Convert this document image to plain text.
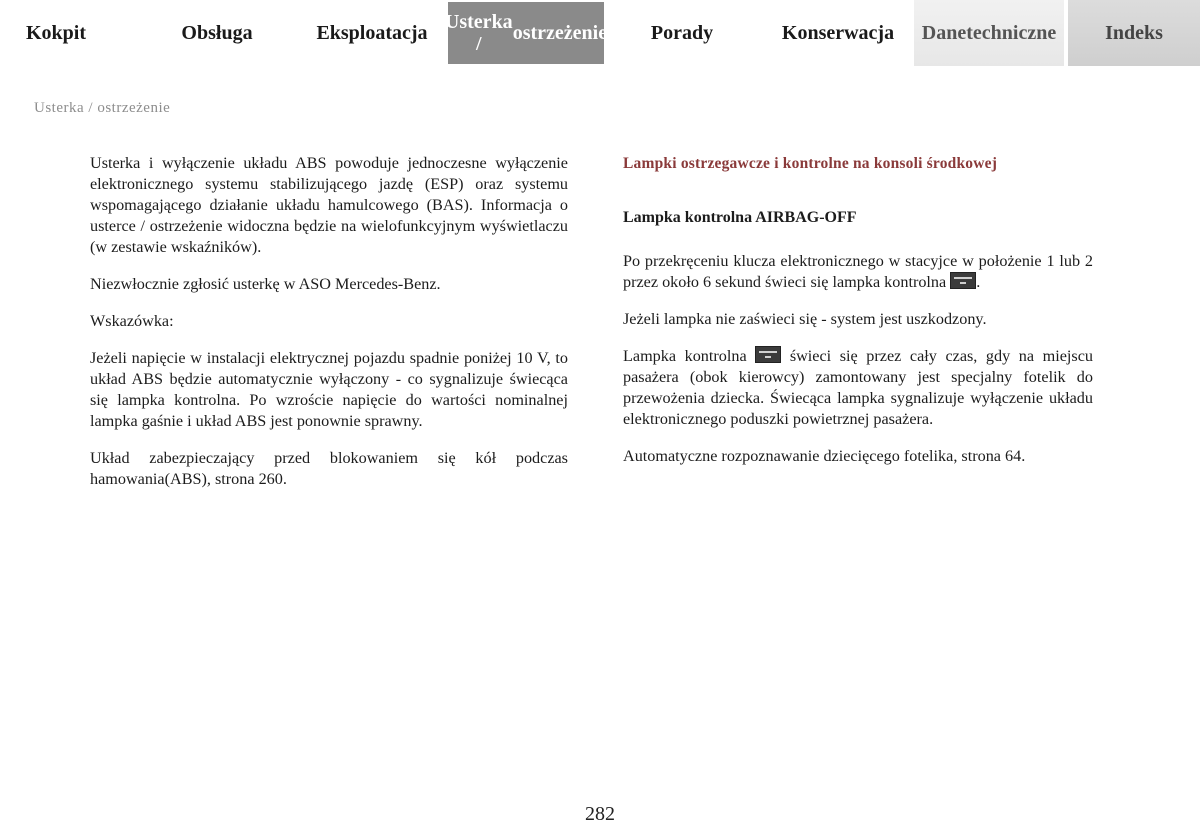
Kokpit	Obsługa	Eksploatacja Usterka /	ostrzeżenie	Porady	Konserwacja	Dane techniczne	Indeks
Usterka / ostrzeżenie

Usterka i wyłączenie układu ABS powoduje jednoczesne wyłączenie elektronicznego systemu stabilizującego jazdę (ESP) oraz systemu wspomagającego działanie układu hamulcowego (BAS). Informacja o usterce / ostrzeżenie widoczna będzie na wielofunkcyjnym wyświetlaczu (w zestawie wskaźników).

Niezwłocznie zgłosić usterkę w ASO Mercedes-Benz.

Wskazówka:

Jeżeli napięcie w instalacji elektrycznej pojazdu spadnie poniżej 10 V, to układ ABS będzie automatycznie wyłączony - co sygnalizuje świecąca się lampka kontrolna. Po wzroście napięcie do wartości nominalnej lampka gaśnie i układ ABS jest ponownie sprawny.

Układ zabezpieczający przed blokowaniem się kół podczas hamowania(ABS), strona 260.

Lampki ostrzegawcze i kontrolne na konsoli środkowej
Lampka kontrolna AIRBAG-OFF

Po przekręceniu klucza elektronicznego w stacyjce w położenie 1 lub 2 przez około 6 sekund świeci się lampka kontrolna .

Jeżeli lampka nie zaświeci się - system jest uszkodzony.

Lampka kontrolna	świeci się przez cały czas, gdy na miejscu pasażera (obok kierowcy) zamontowany jest specjalny fotelik do przewożenia dziecka. Świecąca lampka sygnalizuje wyłączenie układu elektronicznego poduszki powietrznej pasażera.

Automatyczne rozpoznawanie dziecięcego fotelika, strona 64.

282
